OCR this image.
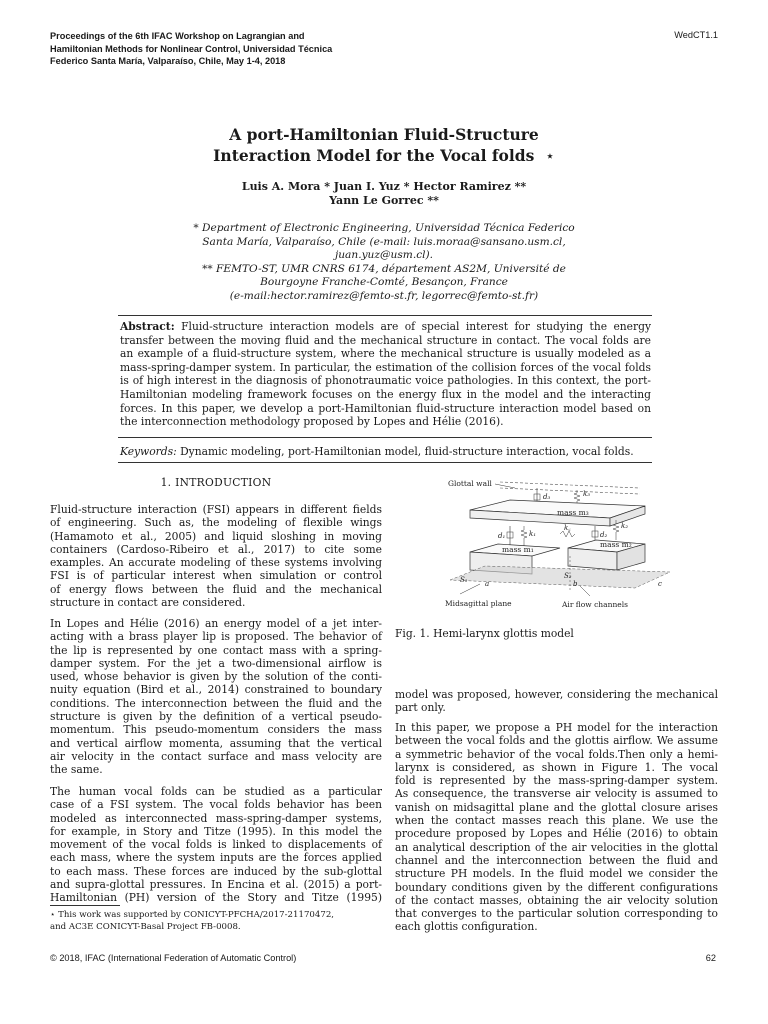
Proceedings of the 6th IFAC Workshop on Lagrangian and
Hamiltonian Methods for Nonlinear Control, Universidad Técnica
Federico Santa María, Valparaíso, Chile, May 1-4, 2018
WedCT1.1
A port-Hamiltonian Fluid-Structure
Interaction Model for the Vocal folds ⋆
Luis A. Mora * Juan I. Yuz * Hector Ramirez **
Yann Le Gorrec **
* Department of Electronic Engineering, Universidad Técnica Federico
Santa María, Valparaíso, Chile (e-mail: luis.moraa@sansano.usm.cl,
juan.yuz@usm.cl).
** FEMTO-ST, UMR CNRS 6174, département AS2M, Université de
Bourgoyne Franche-Comté, Besançon, France
(e-mail:hector.ramirez@femto-st.fr, legorrec@femto-st.fr)
Abstract: Fluid-structure interaction models are of special interest for studying the energy
transfer between the moving fluid and the mechanical structure in contact. The vocal folds are
an example of a fluid-structure system, where the mechanical structure is usually modeled as a
mass-spring-damper system. In particular, the estimation of the collision forces of the vocal folds
is of high interest in the diagnosis of phonotraumatic voice pathologies. In this context, the port-
Hamiltonian modeling framework focuses on the energy flux in the model and the interacting
forces. In this paper, we develop a port-Hamiltonian fluid-structure interaction model based on
the interconnection methodology proposed by Lopes and Hélie (2016).
Keywords: Dynamic modeling, port-Hamiltonian model, fluid-structure interaction, vocal folds.
1. INTRODUCTION
Fluid-structure interaction (FSI) appears in different fields
of engineering. Such as, the modeling of flexible wings
(Hamamoto et al., 2005) and liquid sloshing in moving
containers (Cardoso-Ribeiro et al., 2017) to cite some
examples. An accurate modeling of these systems involving
FSI is of particular interest when simulation or control
of energy flows between the fluid and the mechanical
structure in contact are considered.
In Lopes and Hélie (2016) an energy model of a jet inter-
acting with a brass player lip is proposed. The behavior of
the lip is represented by one contact mass with a spring-
damper system. For the jet a two-dimensional airflow is
used, whose behavior is given by the solution of the conti-
nuity equation (Bird et al., 2014) constrained to boundary
conditions. The interconnection between the fluid and the
structure is given by the definition of a vertical pseudo-
momentum. This pseudo-momentum considers the mass
and vertical airflow momenta, assuming that the vertical
air velocity in the contact surface and mass velocity are
the same.
The human vocal folds can be studied as a particular
case of a FSI system. The vocal folds behavior has been
modeled as interconnected mass-spring-damper systems,
for example, in Story and Titze (1995). In this model the
movement of the vocal folds is linked to displacements of
each mass, where the system inputs are the forces applied
to each mass. These forces are induced by the sub-glottal
and supra-glottal pressures. In Encina et al. (2015) a port-
Hamiltonian (PH) version of the Story and Titze (1995)
⋆ This work was supported by CONICYT-PFCHA/2017-21170472,
and AC3E CONICYT-Basal Project FB-0008.
Glottal wall
d₃	k₃
mass m₃
d₁	k₁
k꜀
d₂
k₂
mass m₁
mass m₂
S₁	S₂
a	b	c
Midsagittal plane	Air flow channels
Fig. 1. Hemi-larynx glottis model
model was proposed, however, considering the mechanical
part only.
In this paper, we propose a PH model for the interaction
between the vocal folds and the glottis airflow. We assume
a symmetric behavior of the vocal folds.Then only a hemi-
larynx is considered, as shown in Figure 1. The vocal
fold is represented by the mass-spring-damper system.
As consequence, the transverse air velocity is assumed to
vanish on midsagittal plane and the glottal closure arises
when the contact masses reach this plane. We use the
procedure proposed by Lopes and Hélie (2016) to obtain
an analytical description of the air velocities in the glottal
channel and the interconnection between the fluid and
structure PH models. In the fluid model we consider the
boundary conditions given by the different configurations
of the contact masses, obtaining the air velocity solution
that converges to the particular solution corresponding to
each glottis configuration.
© 2018, IFAC (International Federation of Automatic Control)	62
